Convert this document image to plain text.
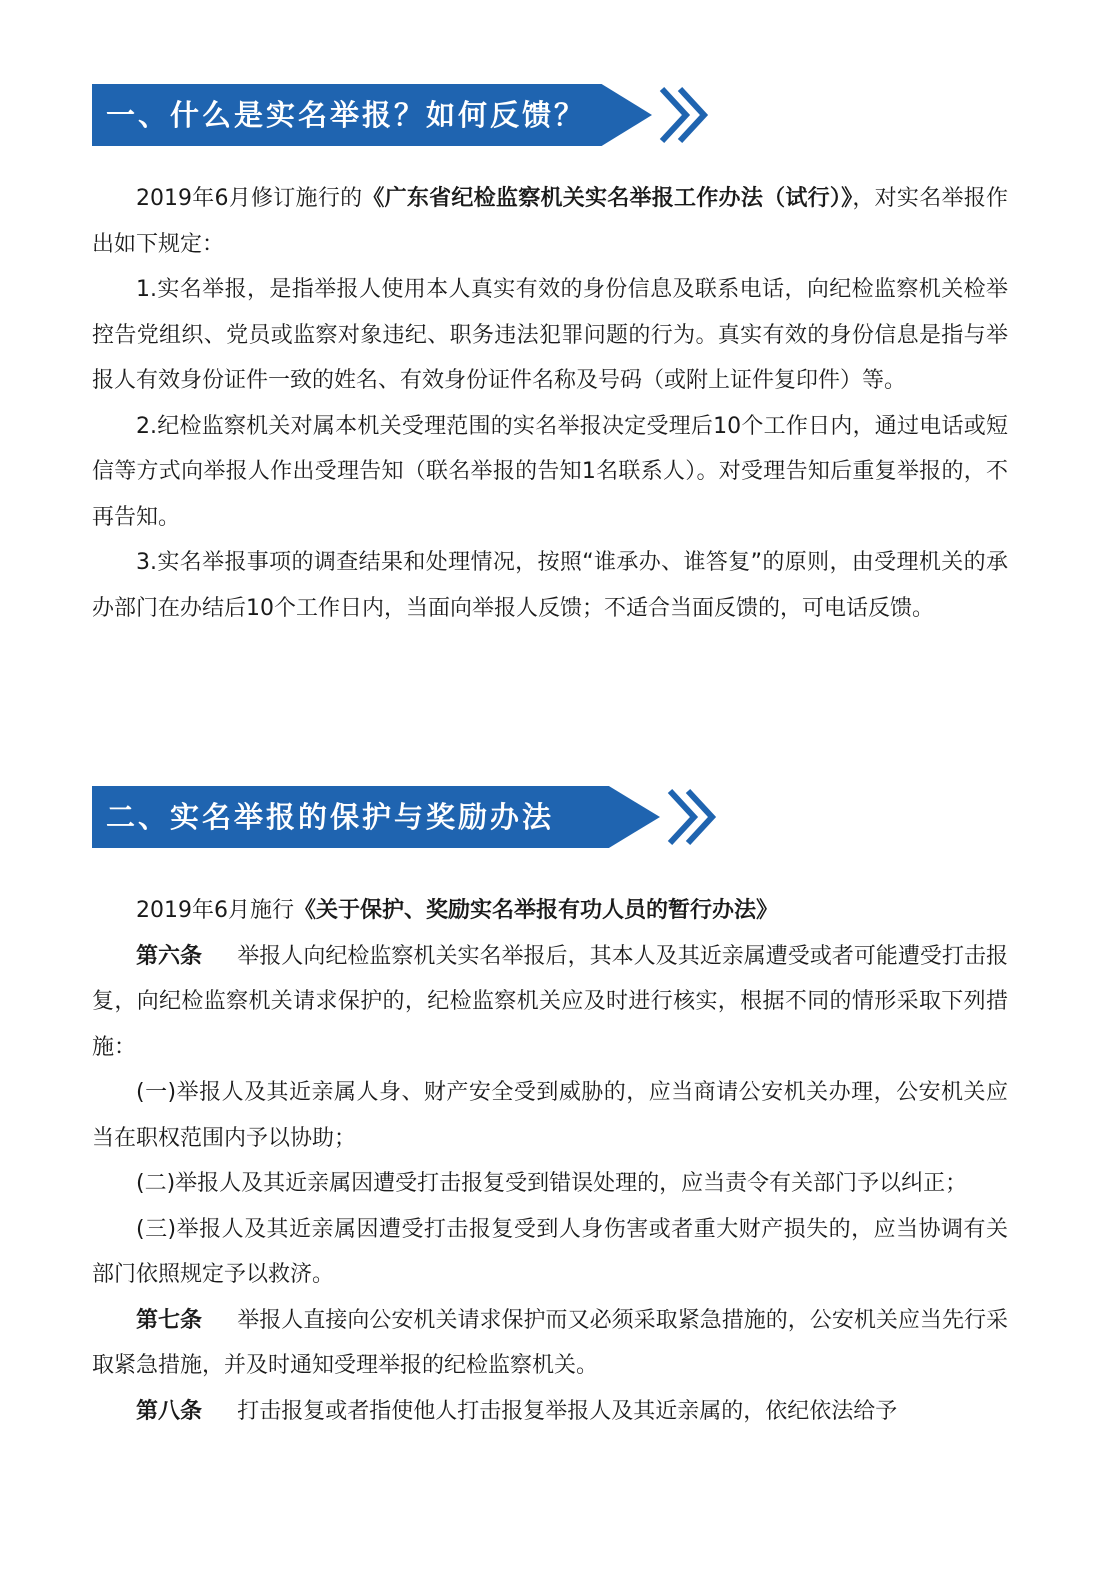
一、什么是实名举报？如何反馈？

2019年6月修订施行的《广东省纪检监察机关实名举报工作办法（试行）》，对实名举报作出如下规定：

1.实名举报，是指举报人使用本人真实有效的身份信息及联系电话，向纪检监察机关检举控告党组织、党员或监察对象违纪、职务违法犯罪问题的行为。真实有效的身份信息是指与举报人有效身份证件一致的姓名、有效身份证件名称及号码（或附上证件复印件）等。

2.纪检监察机关对属本机关受理范围的实名举报决定受理后10个工作日内，通过电话或短信等方式向举报人作出受理告知（联名举报的告知1名联系人）。对受理告知后重复举报的，不再告知。

3.实名举报事项的调查结果和处理情况，按照“谁承办、谁答复”的原则，由受理机关的承办部门在办结后10个工作日内，当面向举报人反馈；不适合当面反馈的，可电话反馈。

二、实名举报的保护与奖励办法

2019年6月施行《关于保护、奖励实名举报有功人员的暂行办法》

第六条 举报人向纪检监察机关实名举报后，其本人及其近亲属遭受或者可能遭受打击报复，向纪检监察机关请求保护的，纪检监察机关应及时进行核实，根据不同的情形采取下列措施：

(一)举报人及其近亲属人身、财产安全受到威胁的，应当商请公安机关办理，公安机关应当在职权范围内予以协助；

(二)举报人及其近亲属因遭受打击报复受到错误处理的，应当责令有关部门予以纠正；

(三)举报人及其近亲属因遭受打击报复受到人身伤害或者重大财产损失的，应当协调有关部门依照规定予以救济。

第七条 举报人直接向公安机关请求保护而又必须采取紧急措施的，公安机关应当先行采取紧急措施，并及时通知受理举报的纪检监察机关。

第八条 打击报复或者指使他人打击报复举报人及其近亲属的，依纪依法给予
